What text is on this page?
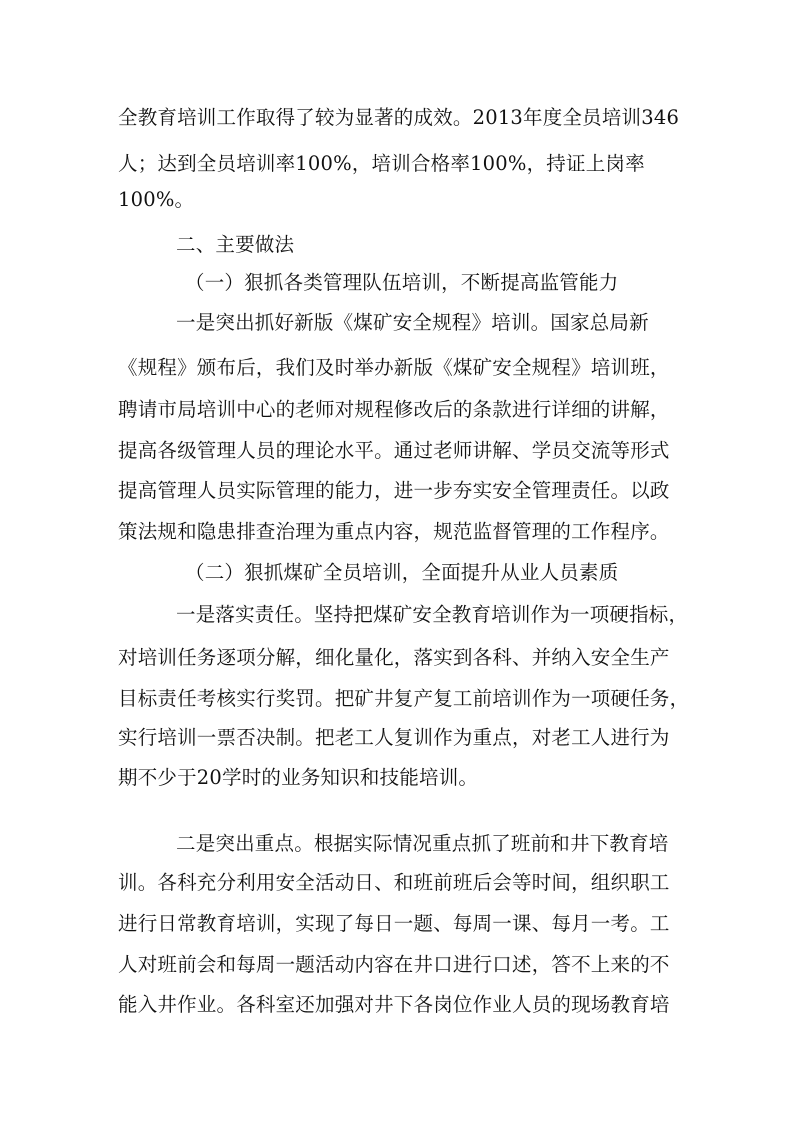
全教育培训工作取得了较为显著的成效。2013年度全员培训346
人；达到全员培训率100%，培训合格率100%，持证上岗率
100%。
二、主要做法
（一）狠抓各类管理队伍培训，不断提高监管能力
一是突出抓好新版《煤矿安全规程》培训。国家总局新
《规程》颁布后，我们及时举办新版《煤矿安全规程》培训班，
聘请市局培训中心的老师对规程修改后的条款进行详细的讲解，
提高各级管理人员的理论水平。通过老师讲解、学员交流等形式
提高管理人员实际管理的能力，进一步夯实安全管理责任。以政
策法规和隐患排查治理为重点内容，规范监督管理的工作程序。
（二）狠抓煤矿全员培训，全面提升从业人员素质
一是落实责任。坚持把煤矿安全教育培训作为一项硬指标，
对培训任务逐项分解，细化量化，落实到各科、并纳入安全生产
目标责任考核实行奖罚。把矿井复产复工前培训作为一项硬任务，
实行培训一票否决制。把老工人复训作为重点，对老工人进行为
期不少于20学时的业务知识和技能培训。
二是突出重点。根据实际情况重点抓了班前和井下教育培
训。各科充分利用安全活动日、和班前班后会等时间，组织职工
进行日常教育培训，实现了每日一题、每周一课、每月一考。工
人对班前会和每周一题活动内容在井口进行口述，答不上来的不
能入井作业。各科室还加强对井下各岗位作业人员的现场教育培
